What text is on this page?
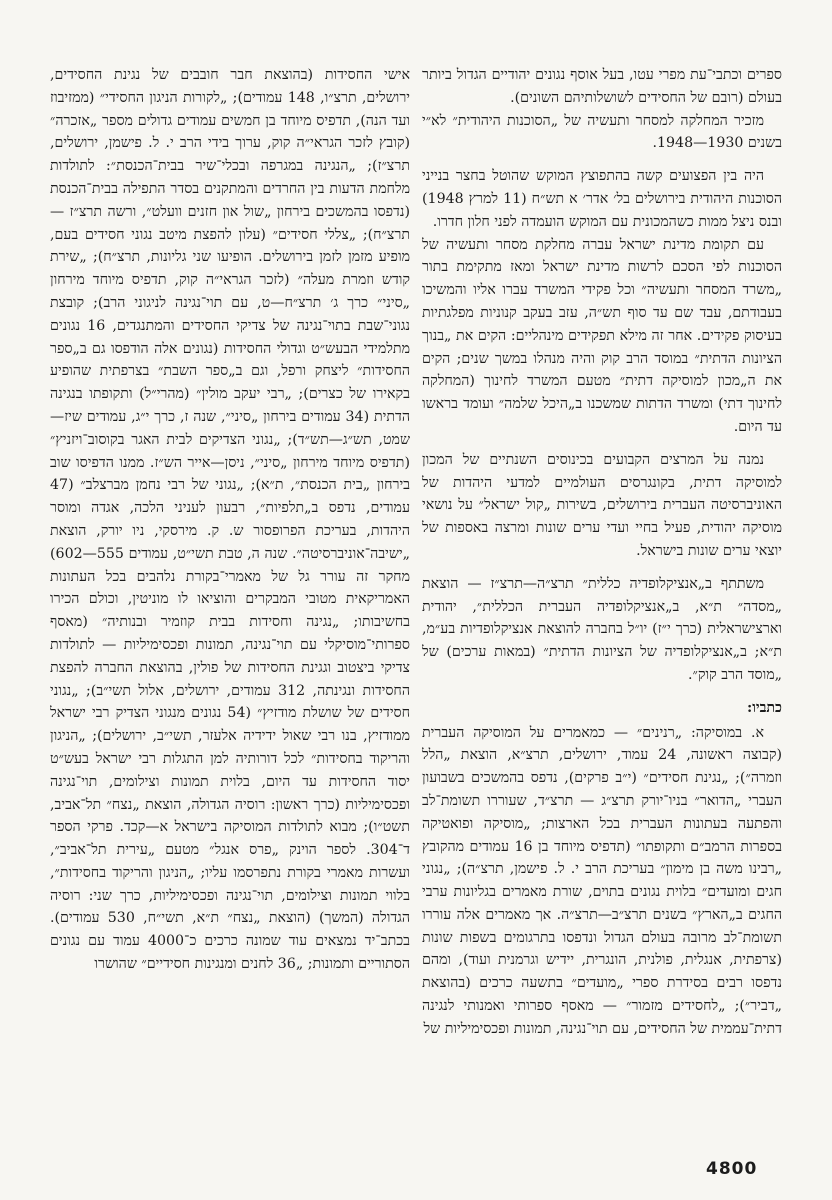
ספרים וכתבי־עת מפרי עטו, בעל אוסף נגונים יהודיים הגדול ביותר בעולם (רובם של החסידים לשושלותיהם השונים).

מזכיר המחלקה למסחר ותעשיה של „הסוכנות היהודית״ לא״י בשנים 1930—1948.

היה בין הפצועים קשה בהתפוצץ המוקש שהוטל בחצר בנייני הסוכנות היהודית בירושלים בל׳ אדר׳ א תש״ח (11 למרץ 1948) ובנס ניצל ממות כשהמכונית עם המוקש הועמדה לפני חלון חדרו.

עם תקומת מדינת ישראל עברה מחלקת מסחר ותעשיה של הסוכנות לפי הסכם לרשות מדינת ישראל ומאז מתקימת בתור „משרד המסחר ותעשיה״ וכל פקידי המשרד עברו אליו והמשיכו בעבודתם, עבד שם עד סוף תש״ה, עזב בעקב קנוניות מפלגתיות בעיסוק פקידים. אחר זה מילא תפקידים מינהליים: הקים את „בנוך הציונות הדתית״ במוסד הרב קוק והיה מנהלו במשך שנים; הקים את ה„מכון למוסיקה דתית״ מטעם המשרד לחינוך (המחלקה לחינוך דתי) ומשרד הדתות שמשכנו ב„היכל שלמה״ ועומד בראשו עד היום.

נמנה על המרצים הקבועים בכינוסים השנתיים של המכון למוסיקה דתית, בקונגרסים העולמיים למדעי היהדות של האוניברסיטה העברית בירושלים, בשירות „קול ישראל״ על נושאי מוסיקה יהודית, פעיל בחיי ועדי ערים שונות ומרצה באספות של יוצאי ערים שונות בישראל.

משתתף ב„אנציקלופדיה כללית״ תרצ״ה—תרצ״ז — הוצאת „מסדה״ ת״א, ב„אנציקלופדיה העברית הכללית״, יהודית וארצישראלית (כרך י״ז) יו״ל בחברה להוצאת אנציקלופדיות בע״מ, ת״א; ב„אנציקלופדיה של הציונות הדתית״ (במאות ערכים) של „מוסד הרב קוק״.

כתביו:

א. במוסיקה: „רנינים״ — כמאמרים על המוסיקה העברית (קבוצה ראשונה, 24 עמוד, ירושלים, תרצ״א, הוצאת „הלל וזמרה״); „נגינת חסידים״ (י״ב פרקים), נדפס בהמשכים בשבועון העברי „הדואר״ בניו־יורק תרצ״ג — תרצ״ד, שעוררו תשומת־לב והפתעה בעתונות העברית בכל הארצות; „מוסיקה ופואטיקה בספרות הרמב״ם ותקופתו״ (תדפיס מיוחד בן 16 עמודים מהקובץ „רבינו משה בן מימון״ בעריכת הרב י. ל. פישמן, תרצ״ה); „נגוני חגים ומועדים״ בלוית נגונים בתוים, שורת מאמרים בגליונות ערבי החגים ב„הארץ״ בשנים תרצ״ב—תרצ״ה. אך מאמרים אלה עוררו תשומת־לב מרובה בעולם הגדול ונדפסו בתרגומים בשפות שונות (צרפתית, אנגלית, פולנית, הונגרית, יידיש וגרמנית ועוד), ומהם נדפסו רבים בסידרת ספרי „מועדים״ בתשעה כרכים (בהוצאת „דביר״); „לחסידים מזמור״ — מאסף ספרותי ואמנותי לנגינה דתית־עממית של החסידים, עם תוי־נגינה, תמונות ופכסימיליות של

אישי החסידות (בהוצאת חבר חובבים של נגינת החסידים, ירושלים, תרצ״ו, 148 עמודים); „לקורות הניגון החסידי״ (ממזיבוז ועד הנה), תדפיס מיוחד בן חמשים עמודים גדולים מספר „אזכרה״ (קובץ לזכר הגראי״ה קוק, ערוך בידי הרב י. ל. פישמן, ירושלים, תרצ״ז); „הנגינה במגרפה ובכלי־שיר בבית־הכנסת״: לתולדות מלחמת הדעות בין החרדים והמתקנים בסדר התפילה בבית־הכנסת (נדפסו בהמשכים בירחון „שול און חזנים וועלט״, ורשה תרצ״ז — תרצ״ח); „צללי חסידים״ (עלון להפצת מיטב נגוני חסידים בעם, מופיע מזמן לזמן בירושלים. הופיעו שני גליונות, תרצ״ח); „שירת קודש וזמרת מעלה״ (לזכר הגראי״ה קוק, תדפיס מיוחד מירחון „סיני״ כרך ג׳ תרצ״ח—ט, עם תוי־נגינה לניגוני הרב); קובצת נגוני־שבת בתוי־נגינה של צדיקי החסידים והמתנגדים, 16 נגונים מתלמידי הבעש״ט וגדולי החסידות (נגונים אלה הודפסו גם ב„ספר החסידות״ ליצחק ורפל, וגם ב„ספר השבת״ בצרפתית שהופיע בקאירו של כצרים); „רבי יעקב מולין״ (מהרי״ל) ותקופתו בנגינה הדתית (34 עמודים בירחון „סיני״, שנה ז, כרך י״ג, עמודים שיז—שמט, תש״ג—תש״ד); „נגוני הצדיקים לבית האגר בקוסוב־ויזניץ״ (תדפיס מיוחד מירחון „סיני״, ניסן—אייר הש״ז. ממנו הדפיסו שוב בירחון „בית הכנסת״, ת״א); „נגוני של רבי נחמן מברצלב״ (47 עמודים, נדפס ב„תלפיות״, רבעון לעניני הלכה, אגדה ומוסר היהדות, בעריכת הפרופסור ש. ק. מירסקי, ניו יורק, הוצאת „ישיבה־אוניברסיטה״. שנה ה, טבת תשי״ט, עמודים 555—602) מחקר זה עורר גל של מאמרי־בקורת נלהבים בכל העתונות האמריקאית מטובי המבקרים והוציאו לו מוניטין, וכולם הכירו בחשיבותו; „נגינה וחסידות בבית קוזמיר ובנותיה״ (מאסף ספרותי־מוסיקלי עם תוי־נגינה, תמונות ופכסימיליות — לתולדות צדיקי ביצטוב וגגינת החסידות של פולין, בהוצאת החברה להפצת החסידות ונגינתה, 312 עמודים, ירושלים, אלול תשי״ב); „נגוני חסידים של שושלת מודזיץ״ (54 נגונים מנגוני הצדיק רבי ישראל ממודזיץ, בנו רבי שאול ידידיה אלעזר, תשי״ב, ירושלים); „הניגון והריקוד בחסידות״ לכל דורותיה למן התגלות רבי ישראל בעש״ט יסוד החסידות עד היום, בלוית תמונות וצילומים, תוי־נגינה ופכסימיליות (כרך ראשון: רוסיה הגדולה, הוצאת „נצח״ תל־אביב, תשט״ו); מבוא לתולדות המוסיקה בישראל א—קכד. פרקי הספר ד־304. לספר הוינק „פרס אנגל״ מטעם „עירית תל־אביב״, ועשרות מאמרי בקורת נתפרסמו עליו; „הניגון והריקוד בחסידות״, בלווי תמונות וצילומים, תוי־נגינה ופכסימיליות, כרך שני: רוסיה הגדולה (המשך) (הוצאת „נצח״ ת״א, תשי״ח, 530 עמודים). בכתב־יד נמצאים עוד שמונה כרכים כ־4000 עמוד עם נגונים הסתוריים ותמונות; „36 לחנים ומנגינות חסידיים״ שהושרו

4800
